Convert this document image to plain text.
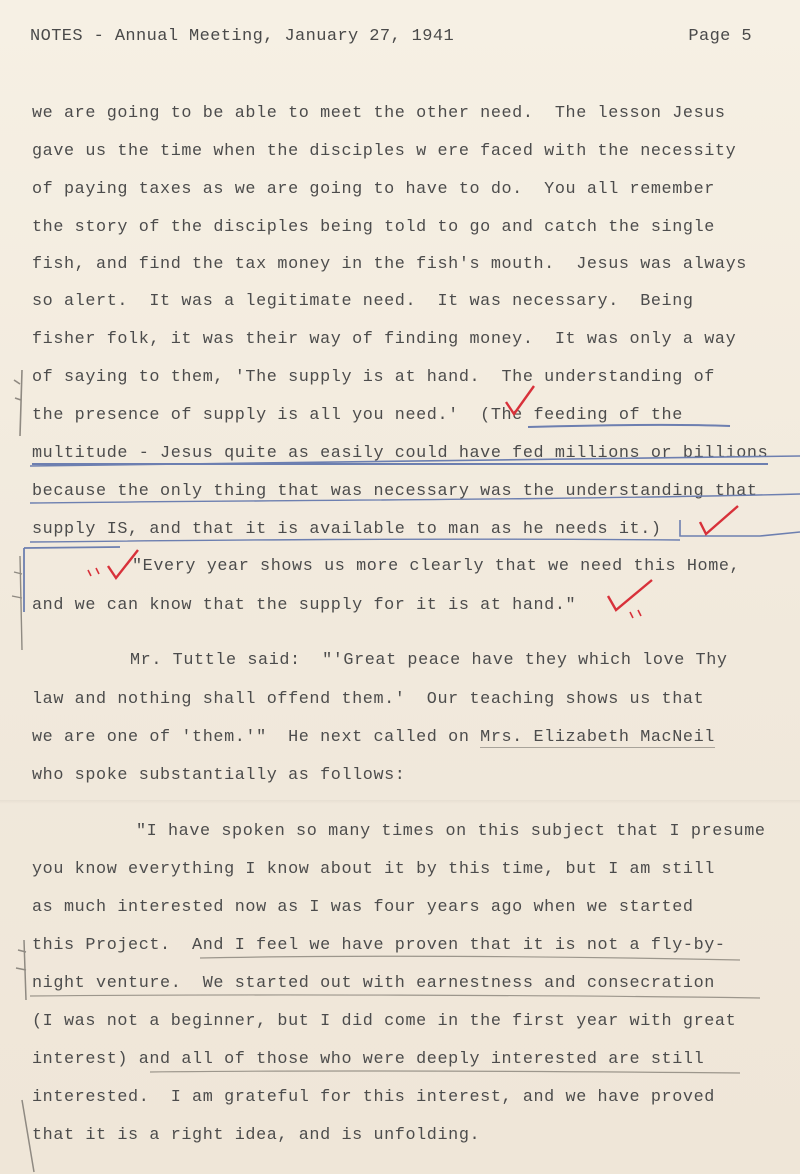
NOTES - Annual Meeting, January 27, 1941	Page 5
we are going to be able to meet the other need.  The lesson Jesus
gave us the time when the disciples w ere faced with the necessity
of paying taxes as we are going to have to do.  You all remember
the story of the disciples being told to go and catch the single
fish, and find the tax money in the fish's mouth.  Jesus was always
so alert.  It was a legitimate need.  It was necessary.  Being
fisher folk, it was their way of finding money.  It was only a way
of saying to them, 'The supply is at hand.  The understanding of
the presence of supply is all you need.'  (The feeding of the
multitude - Jesus quite as easily could have fed millions or billions
because the only thing that was necessary was the understanding that
supply IS, and that it is available to man as he needs it.)
"Every year shows us more clearly that we need this Home,
and we can know that the supply for it is at hand."
Mr. Tuttle said:  "'Great peace have they which love Thy
law and nothing shall offend them.'  Our teaching shows us that
we are one of 'them.'"  He next called on Mrs. Elizabeth MacNeil
who spoke substantially as follows:
"I have spoken so many times on this subject that I presume
you know everything I know about it by this time, but I am still
as much interested now as I was four years ago when we started
this Project.  And I feel we have proven that it is not a fly-by-
night venture.  We started out with earnestness and consecration
(I was not a beginner, but I did come in the first year with great
interest) and all of those who were deeply interested are still
interested.  I am grateful for this interest, and we have proved
that it is a right idea, and is unfolding.
